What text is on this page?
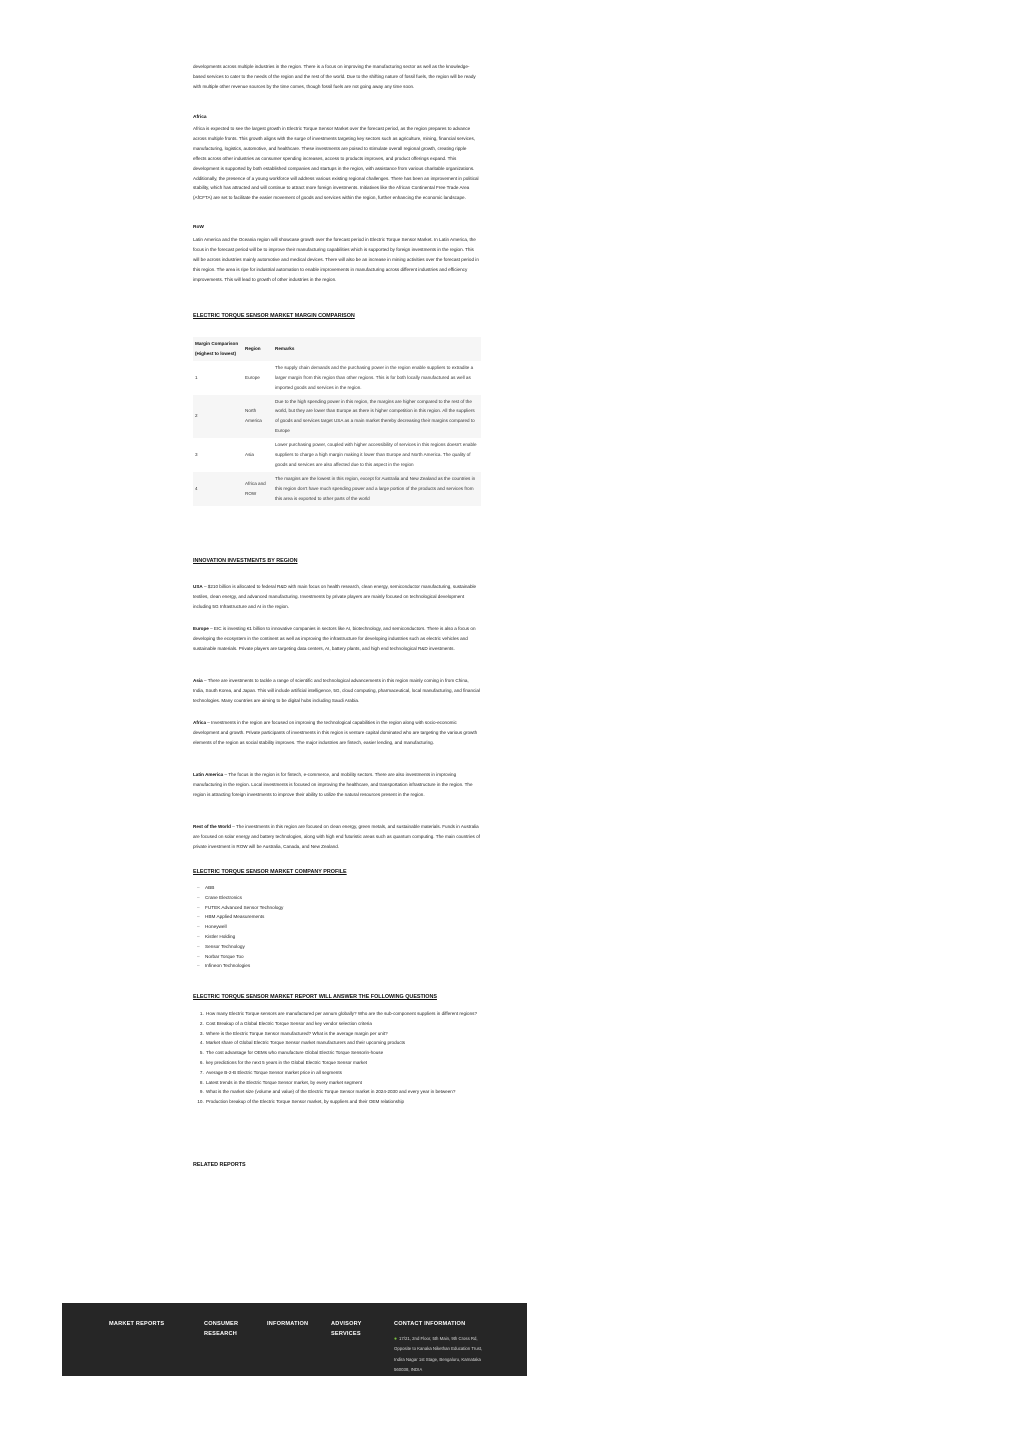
developments across multiple industries in the region. There is a focus on improving the manufacturing sector as well as the knowledge-based services to cater to the needs of the region and the rest of the world. Due to the shifting nature of fossil fuels, the region will be ready with multiple other revenue sources by the time comes, though fossil fuels are not going away any time soon.

Africa

Africa is expected to see the largest growth in Electric Torque Sensor Market over the forecast period, as the region prepares to advance across multiple fronts. This growth aligns with the surge of investments targeting key sectors such as agriculture, mining, financial services, manufacturing, logistics, automotive, and healthcare. These investments are poised to stimulate overall regional growth, creating ripple effects across other industries as consumer spending increases, access to products improves, and product offerings expand. This development is supported by both established companies and startups in the region, with assistance from various charitable organizations. Additionally, the presence of a young workforce will address various existing regional challenges. There has been an improvement in political stability, which has attracted and will continue to attract more foreign investments. Initiatives like the African Continental Free Trade Area (AfCFTA) are set to facilitate the easier movement of goods and services within the region, further enhancing the economic landscape.

RoW

Latin America and the Oceania region will showcase growth over the forecast period in Electric Torque Sensor Market. In Latin America, the focus in the forecast period will be to improve their manufacturing capabilities which is supported by foreign investments in the region. This will be across industries mainly automotive and medical devices. There will also be an increase in mining activities over the forecast period in this region. The area is ripe for industrial automation to enable improvements in manufacturing across different industries and efficiency improvements. This will lead to growth of other industries in the region.

ELECTRIC TORQUE SENSOR MARKET MARGIN COMPARISON
Margin Comparison (Highest to lowest)	Region	Remarks
1	Europe	The supply chain demands and the purchasing power in the region enable suppliers to extradite a larger margin from this region than other regions. This is for both locally manufactured as well as imported goods and services in the region.
2	North America	Due to the high spending power in this region, the margins are higher compared to the rest of the world, but they are lower than Europe as there is higher competition in this region. All the suppliers of goods and services target USA as a main market thereby decreasing their margins compared to Europe
3	Asia	Lower purchasing power, coupled with higher accessibility of services in this regions doesn't enable suppliers to charge a high margin making it lower than Europe and North America. The quality of goods and services are also affected due to this aspect in the region
4	Africa and ROW	The margins are the lowest in this region, except for Australia and New Zealand as the countries in this region don't have much spending power and a large portion of the products and services from this area is exported to other parts of the world
INNOVATION INVESTMENTS BY REGION

USA – $210 billion is allocated to federal R&D with main focus on health research, clean energy, semiconductor manufacturing, sustainable textiles, clean energy, and advanced manufacturing. Investments by private players are mainly focused on technological development including 5G Infrastructure and AI in the region.

Europe – EIC is investing €1 billion to innovative companies in sectors like AI, biotechnology, and semiconductors. There is also a focus on developing the ecosystem in the continent as well as improving the infrastructure for developing industries such as electric vehicles and sustainable materials. Private players are targeting data centers, AI, battery plants, and high end technological R&D investments.

Asia – There are investments to tackle a range of scientific and technological advancements in this region mainly coming in from China, India, South Korea, and Japan. This will include artificial intelligence, 5G, cloud computing, pharmaceutical, local manufacturing, and financial technologies. Many countries are aiming to be digital hubs including Saudi Arabia.

Africa – Investments in the region are focused on improving the technological capabilities in the region along with socio-economic development and growth. Private participants of investments in this region is venture capital dominated who are targeting the various growth elements of the region as social stability improves. The major industries are fintech, easier lending, and manufacturing.

Latin America – The focus in the region is for fintech, e-commerce, and mobility sectors. There are also investments in improving manufacturing in the region. Local investments is focused on improving the healthcare, and transportation infrastructure in the region. The region is attracting foreign investments to improve their ability to utilize the natural resources present in the region.

Rest of the World – The investments in this region are focused on clean energy, green metals, and sustainable materials. Funds in Australia are focused on solar energy and battery technologies, along with high end futuristic areas such as quantum computing. The main countries of private investment in ROW will be Australia, Canada, and New Zealand.

ELECTRIC TORQUE SENSOR MARKET COMPANY PROFILE
– ABB
– Crane Electronics
– FUTEK Advanced Sensor Technology
– HBM Applied Measurements
– Honeywell
– Kistler Holding
– Sensor Technology
– Norbar Torque Too
– Infineon Technologies
ELECTRIC TORQUE SENSOR MARKET REPORT WILL ANSWER THE FOLLOWING QUESTIONS
1. How many Electric Torque sensors are manufactured per annum globally? Who are the sub-component suppliers in different regions?
2. Cost Breakup of a Global Electric Torque Sensor and key vendor selection criteria
3. Where is the Electric Torque Sensor manufactured? What is the average margin per unit?
4. Market share of Global Electric Torque Sensor market manufacturers and their upcoming products
5. The cost advantage for OEMs who manufacture Global Electric Torque Sensorin-house
6. key predictions for the next 5 years in the Global Electric Torque Sensor market
7. Average B-2-B Electric Torque Sensor market price in all segments
8. Latest trends in the Electric Torque Sensor market, by every market segment
9. What is the market size (volume and value) of the Electric Torque Sensor market in 2024-2030 and every year in between?
10. Production breakup of the Electric Torque Sensor market, by suppliers and their OEM relationship
RELATED REPORTS
MARKET REPORTS	CONSUMER RESEARCH
INFORMATION	ADVISORY SERVICES
CONTACT INFORMATION
● 17/21, 2nd Floor, 5th Main, 9th Cross Rd, Opposite to Kanaka Nikethan Education Trust, Indira Nagar 1st Stage, Bengaluru, Karnataka 560038, INDIA
